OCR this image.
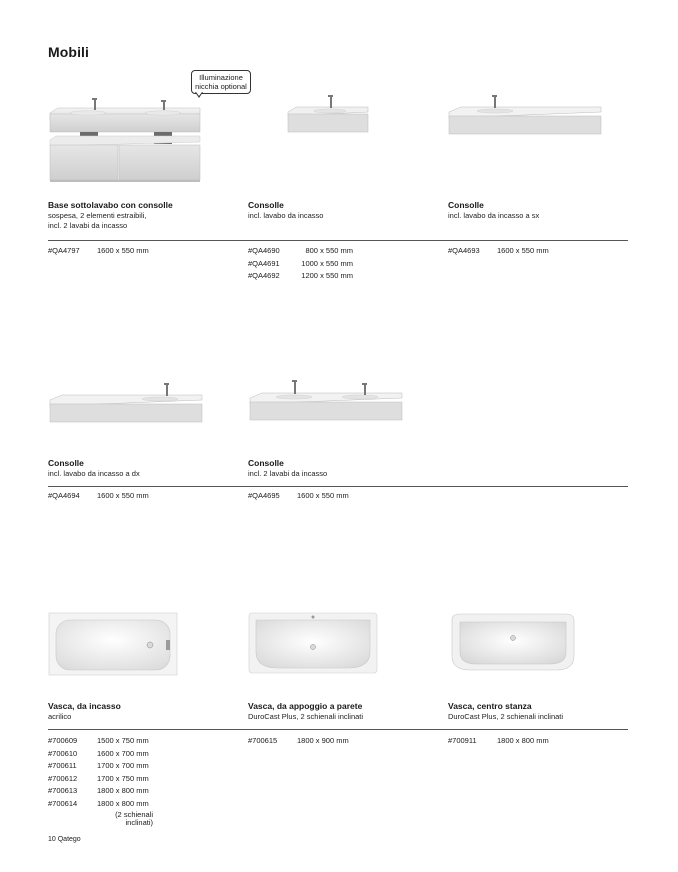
Mobili
Illuminazione
nicchia optional
Base sottolavabo con consolle
sospesa, 2 elementi estraibili,
incl. 2 lavabi da incasso
Consolle
incl. lavabo da incasso
Consolle
incl. lavabo da incasso a sx
#QA4797	1600 x 550 mm	#QA4690	800 x 550 mm
#QA4691	1000 x 550 mm
#QA4692	1200 x 550 mm
#QA4693	1600 x 550 mm
Consolle
incl. lavabo da incasso a dx
Consolle
incl. 2 lavabi da incasso
#QA4694	1600 x 550 mm	#QA4695	1600 x 550 mm
Vasca, da incasso
acrilico
Vasca, da appoggio a parete
DuroCast Plus, 2 schienali inclinati
Vasca, centro stanza
DuroCast Plus, 2 schienali inclinati
#700609	1500 x 750 mm
#700610	1600 x 700 mm
#700611	1700 x 700 mm
#700612	1700 x 750 mm
#700613	1800 x 800 mm
#700614	1800 x 800 mm
(2 schienali
inclinati)
#700615	1800 x 900 mm	#700911	1800 x 800 mm
10 Qatego
